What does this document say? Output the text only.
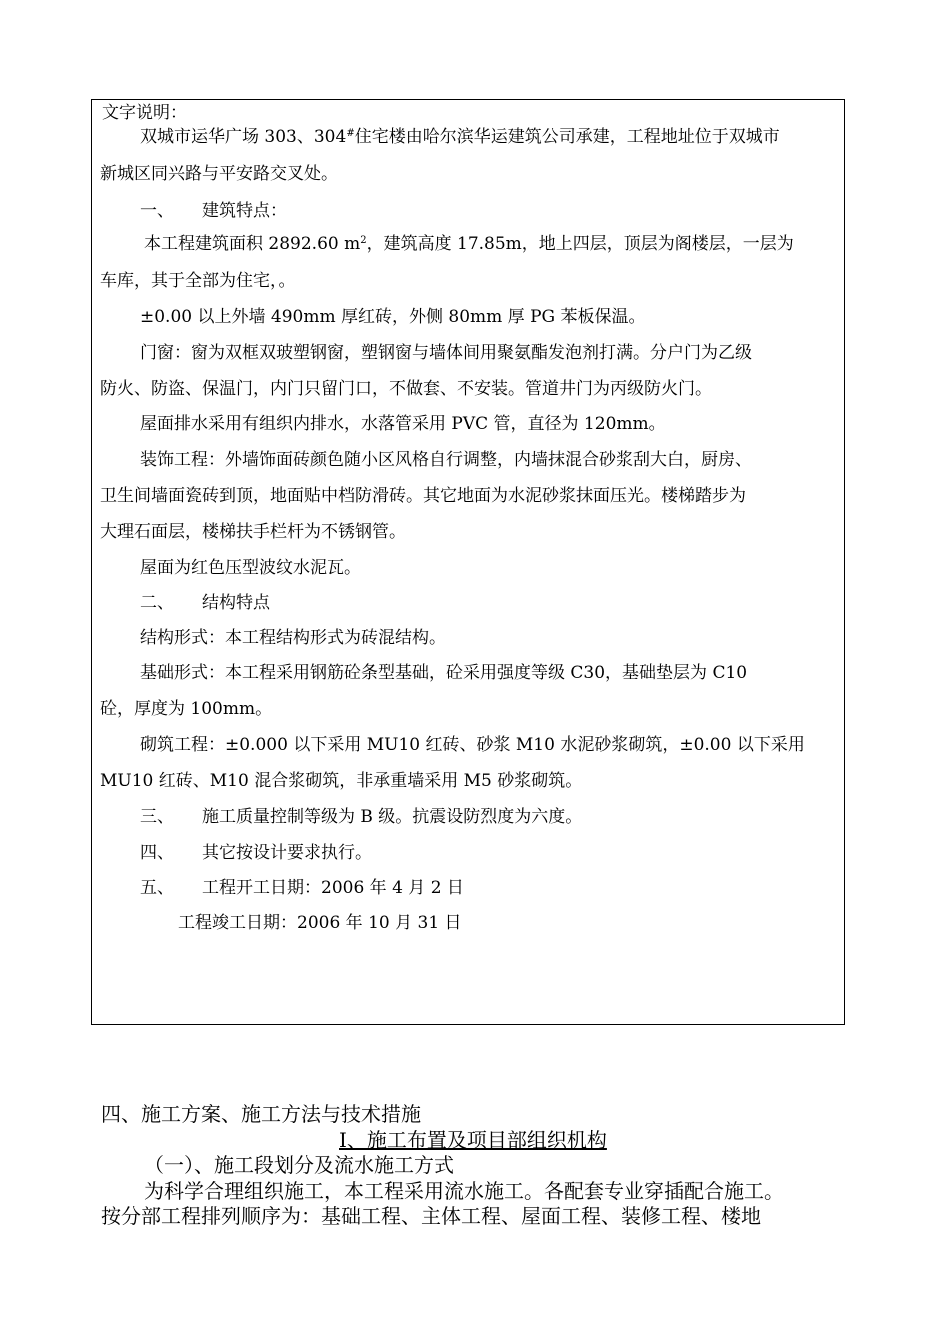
文字说明：
双城市运华广场 303、304#住宅楼由哈尔滨华运建筑公司承建，工程地址位于双城市
新城区同兴路与平安路交叉处。
一、 建筑特点：
本工程建筑面积 2892.60 $m^2$，建筑高度 17.85m，地上四层，顶层为阁楼层，一层为
车库，其于全部为住宅，。
±0.00 以上外墙 490mm 厚红砖，外侧 80mm 厚 PG 苯板保温。
门窗：窗为双框双玻塑钢窗，塑钢窗与墙体间用聚氨酯发泡剂打满。分户门为乙级
防火、防盗、保温门，内门只留门口，不做套、不安装。管道井门为丙级防火门。
屋面排水采用有组织内排水，水落管采用 PVC 管，直径为 120mm。
装饰工程：外墙饰面砖颜色随小区风格自行调整，内墙抹混合砂浆刮大白，厨房、
卫生间墙面瓷砖到顶，地面贴中档防滑砖。其它地面为水泥砂浆抹面压光。楼梯踏步为
大理石面层，楼梯扶手栏杆为不锈钢管。
屋面为红色压型波纹水泥瓦。
二、 结构特点
结构形式：本工程结构形式为砖混结构。
基础形式：本工程采用钢筋砼条型基础，砼采用强度等级 C30，基础垫层为 C10
砼，厚度为 100mm。
砌筑工程：±0.000 以下采用 MU10 红砖、砂浆 M10 水泥砂浆砌筑，±0.00 以下采用
MU10 红砖、M10 混合浆砌筑，非承重墙采用 M5 砂浆砌筑。
三、 施工质量控制等级为 B 级。抗震设防烈度为六度。
四、 其它按设计要求执行。
五、 工程开工日期：2006 年 4 月 2 日
工程竣工日期：2006 年 10 月 31 日
四、施工方案、施工方法与技术措施
Ⅰ、施工布置及项目部组织机构
（一）、施工段划分及流水施工方式
为科学合理组织施工，本工程采用流水施工。各配套专业穿插配合施工。
按分部工程排列顺序为：基础工程、主体工程、屋面工程、装修工程、楼地
